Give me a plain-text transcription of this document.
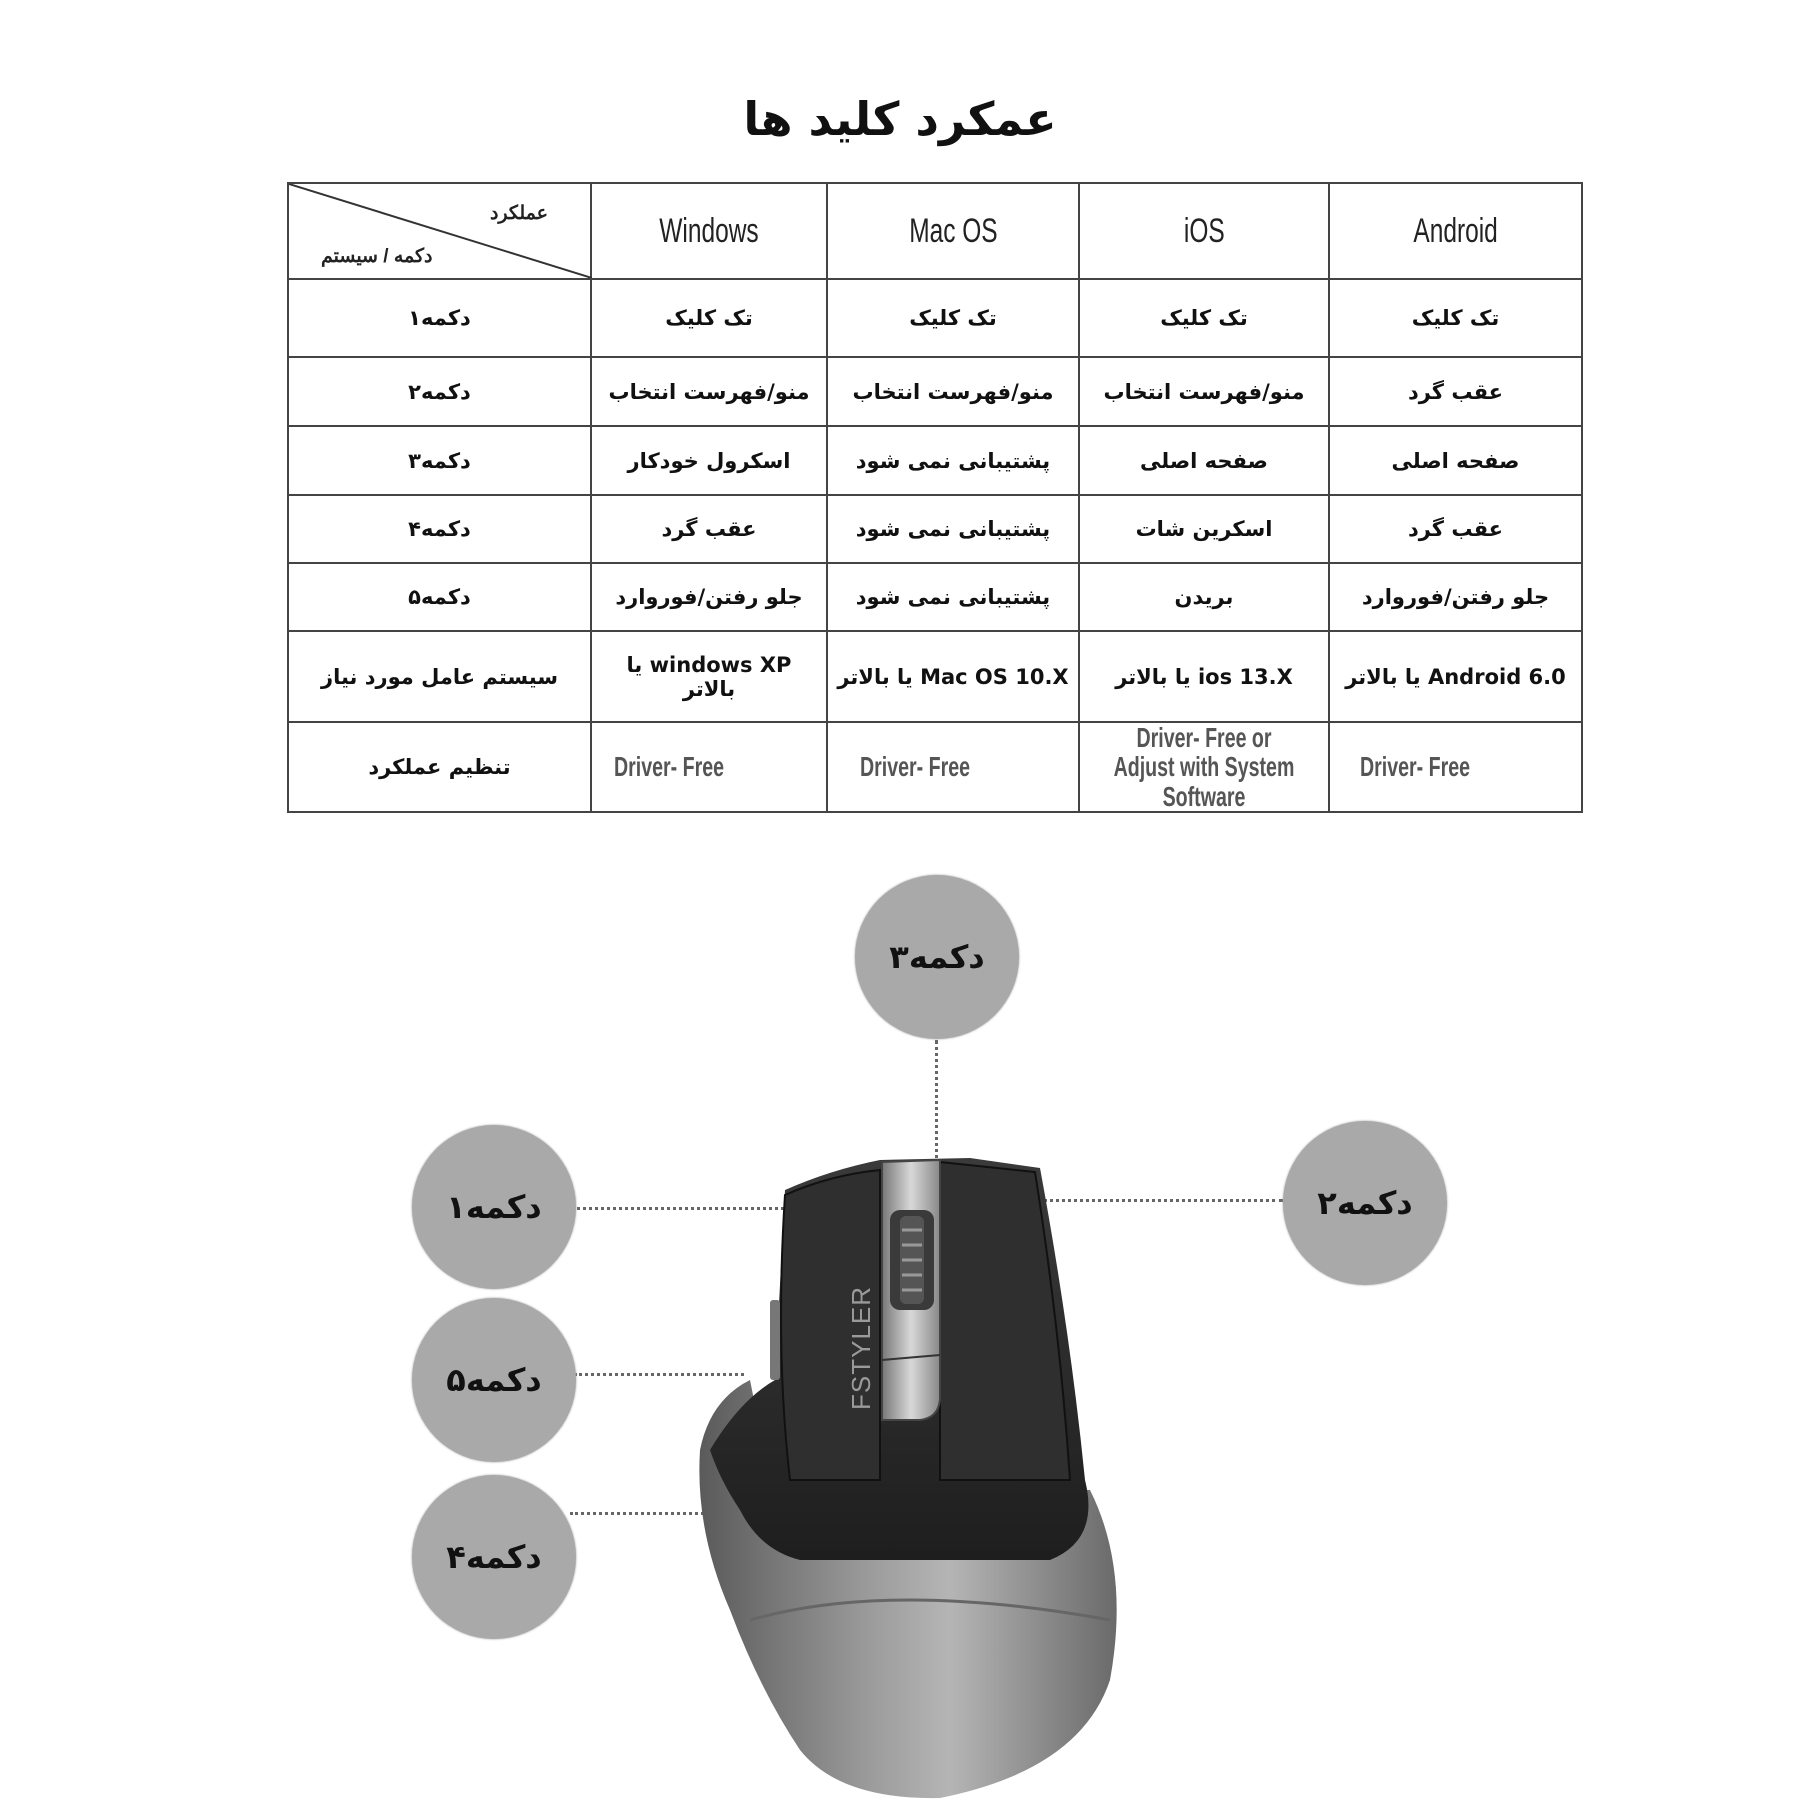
عمکرد کلید ها
عملکرد
دکمه / سیستم	Windows	Mac OS	iOS	Android
دکمه۱	تک کلیک	تک کلیک	تک کلیک	تک کلیک
دکمه۲	منو/فهرست انتخاب	منو/فهرست انتخاب	منو/فهرست انتخاب	عقب گرد
دکمه۳	اسکرول خودکار	پشتیبانی نمی شود	صفحه اصلی	صفحه اصلی
دکمه۴	عقب گرد	پشتیبانی نمی شود	اسکرین شات	عقب گرد
دکمه۵	جلو رفتن/فوروارد	پشتیبانی نمی شود	بریدن	جلو رفتن/فوروارد
سیستم عامل مورد نیاز	windows XP یا بالاتر	Mac OS 10.X یا بالاتر	ios 13.X یا بالاتر	Android 6.0 یا بالاتر
تنظیم عملکرد	Driver- Free	Driver- Free	Driver- Free or Adjust with System Software	Driver- Free
FSTYLER
دکمه۳
دکمه۱	دکمه۲
دکمه۵
دکمه۴
